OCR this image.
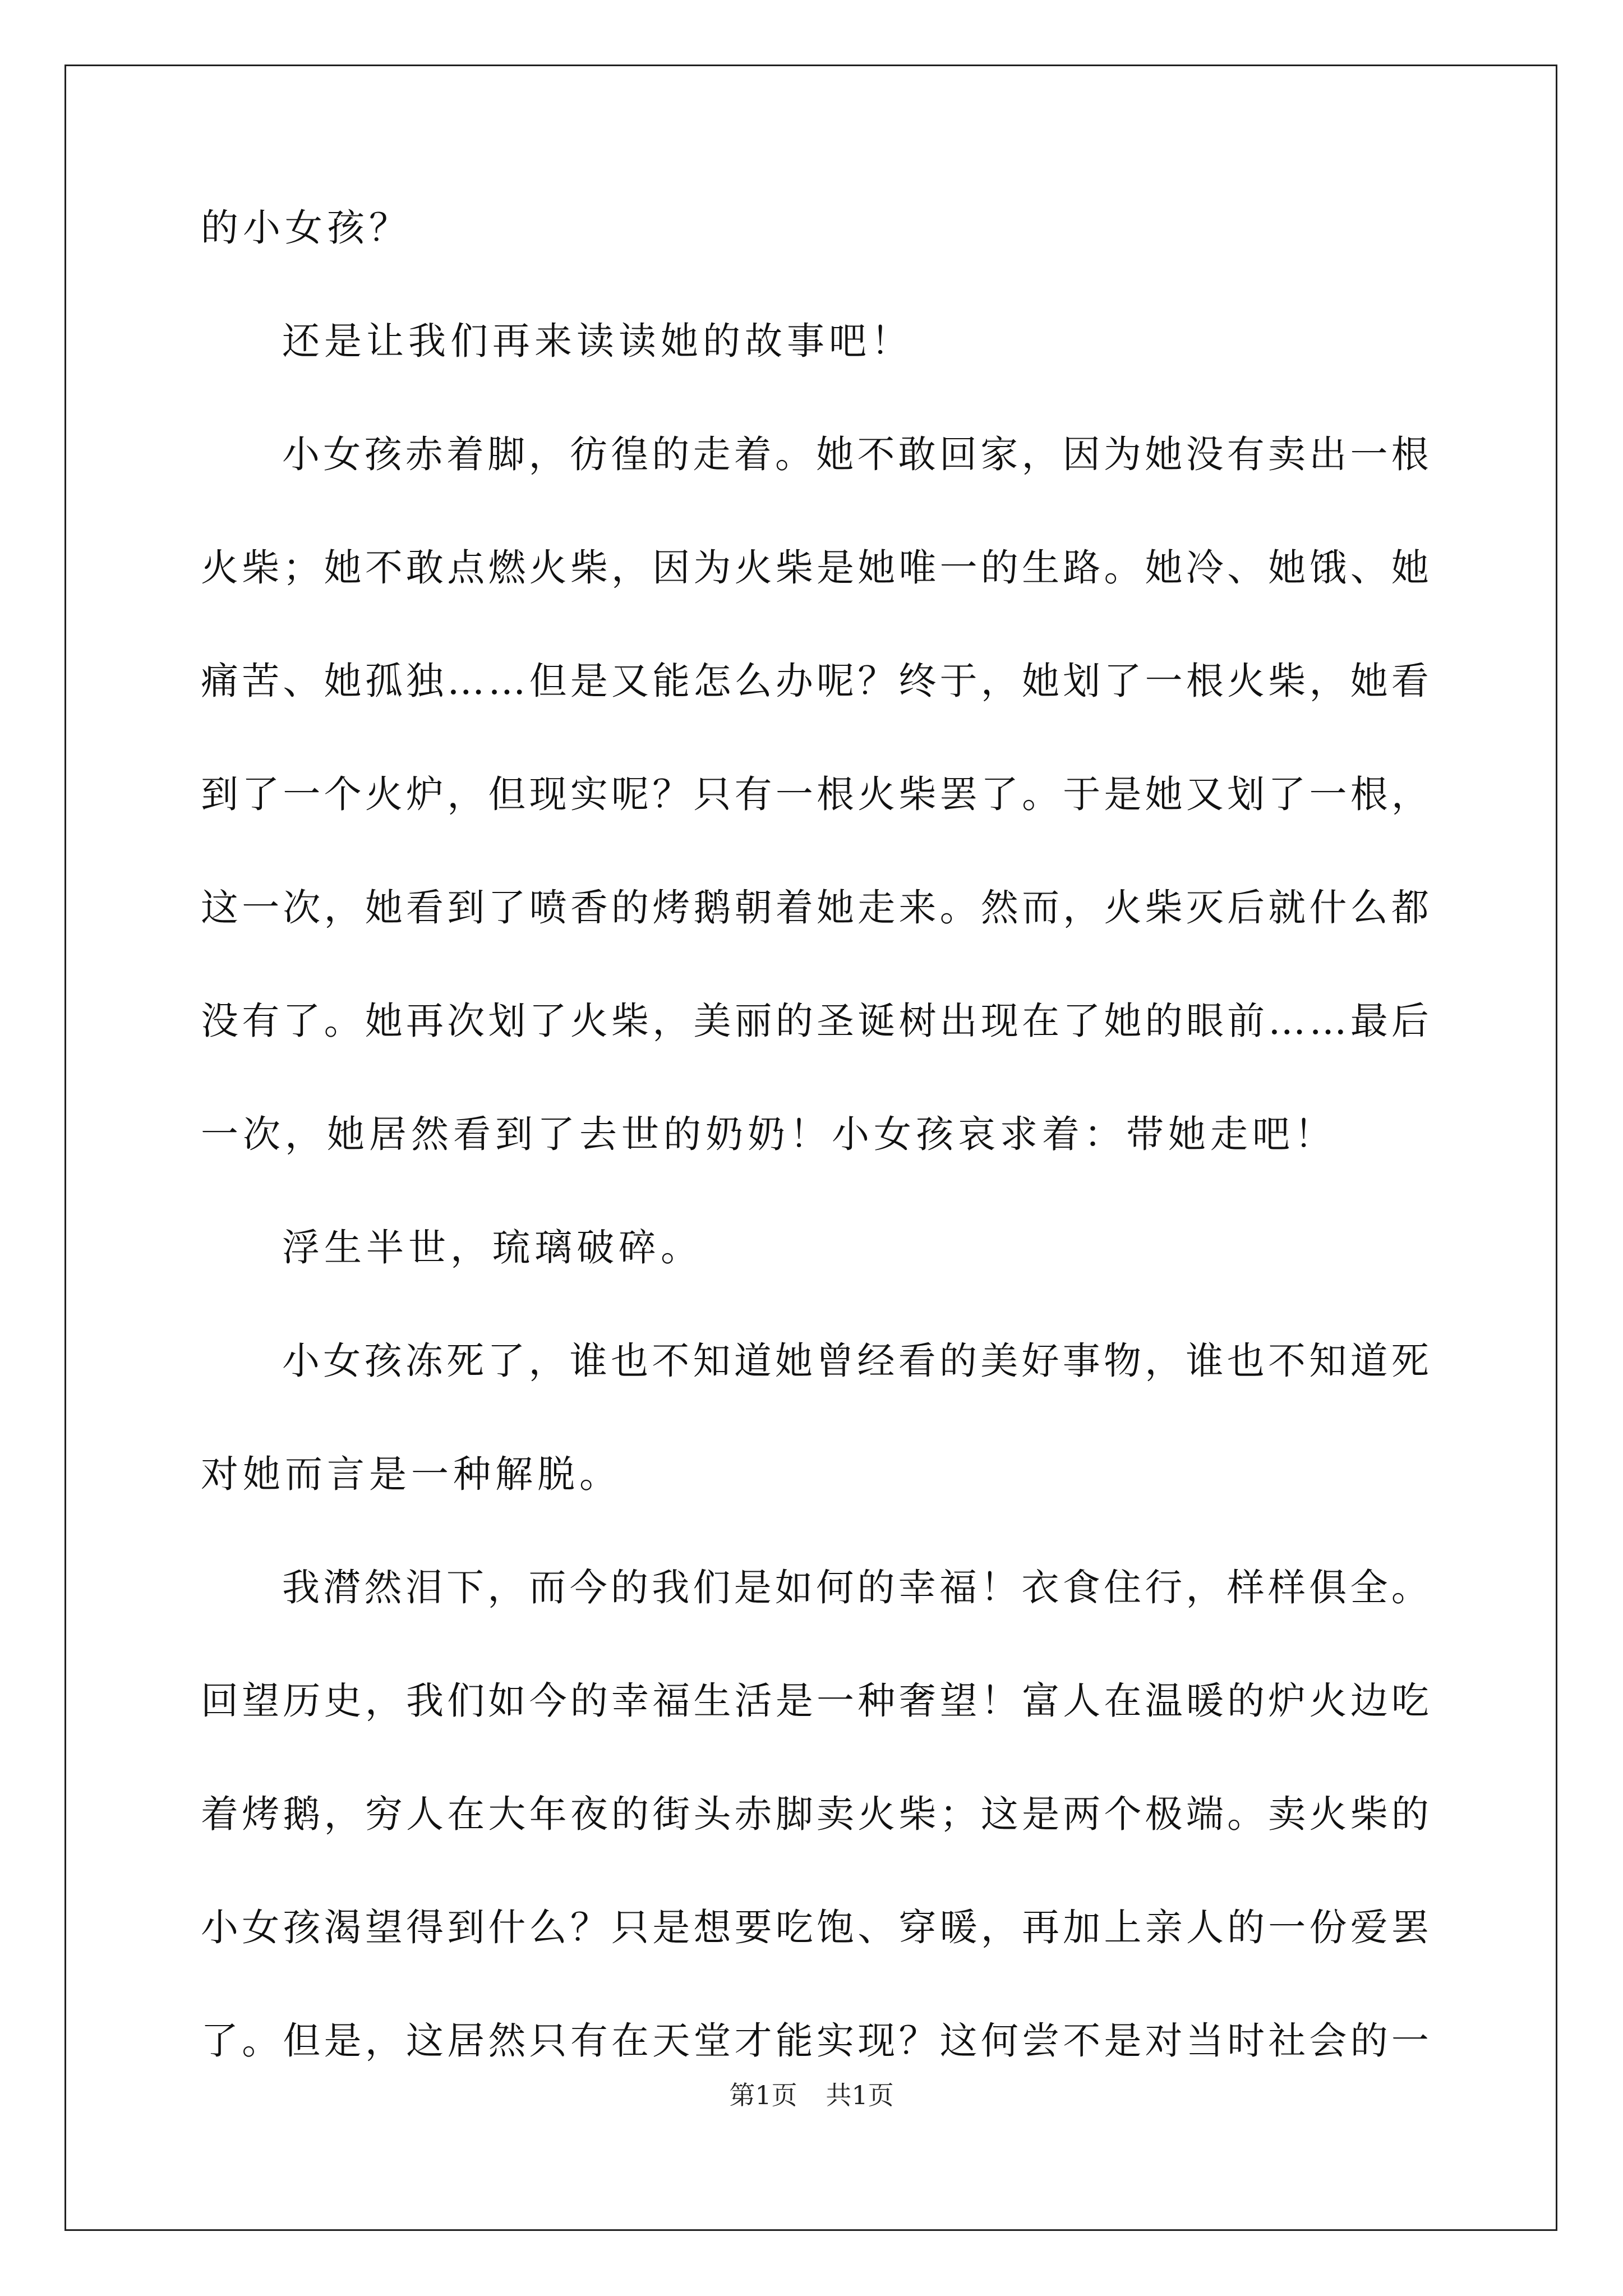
的小女孩？
还是让我们再来读读她的故事吧！
小 女 孩 赤 着 脚 ， 彷 徨 的 走 着 。 她 不 敢 回 家 ， 因 为 她 没 有 卖 出 一 根
火 柴 ； 她 不 敢 点 燃 火 柴 ， 因 为 火 柴 是 她 唯 一 的 生 路 。 她 冷 、 她 饿 、 她
痛 苦 、 她 孤 独 … … 但 是 又 能 怎 么 办 呢 ？ 终 于 ， 她 划 了 一 根 火 柴 ， 她 看
到 了 一 个 火 炉 ， 但 现 实 呢 ？ 只 有 一 根 火 柴 罢 了 。 于 是 她 又 划 了 一 根 ，
这 一 次 ， 她 看 到 了 喷 香 的 烤 鹅 朝 着 她 走 来 。 然 而 ， 火 柴 灭 后 就 什 么 都
没 有 了 。 她 再 次 划 了 火 柴 ， 美 丽 的 圣 诞 树 出 现 在 了 她 的 眼 前 … … 最 后
一次，她居然看到了去世的奶奶！小女孩哀求着：带她走吧！
浮生半世，琉璃破碎。
小 女 孩 冻 死 了 ， 谁 也 不 知 道 她 曾 经 看 的 美 好 事 物 ， 谁 也 不 知 道 死
对她而言是一种解脱。
我 潸 然 泪 下 ， 而 今 的 我 们 是 如 何 的 幸 福 ！ 衣 食 住 行 ， 样 样 俱 全 。
回 望 历 史 ， 我 们 如 今 的 幸 福 生 活 是 一 种 奢 望 ！ 富 人 在 温 暖 的 炉 火 边 吃
着 烤 鹅 ， 穷 人 在 大 年 夜 的 街 头 赤 脚 卖 火 柴 ； 这 是 两 个 极 端 。 卖 火 柴 的
小 女 孩 渴 望 得 到 什 么 ？ 只 是 想 要 吃 饱 、 穿 暖 ， 再 加 上 亲 人 的 一 份 爱 罢
了 。 但 是 ， 这 居 然 只 有 在 天 堂 才 能 实 现 ？ 这 何 尝 不 是 对 当 时 社 会 的 一
第1页 共1页
